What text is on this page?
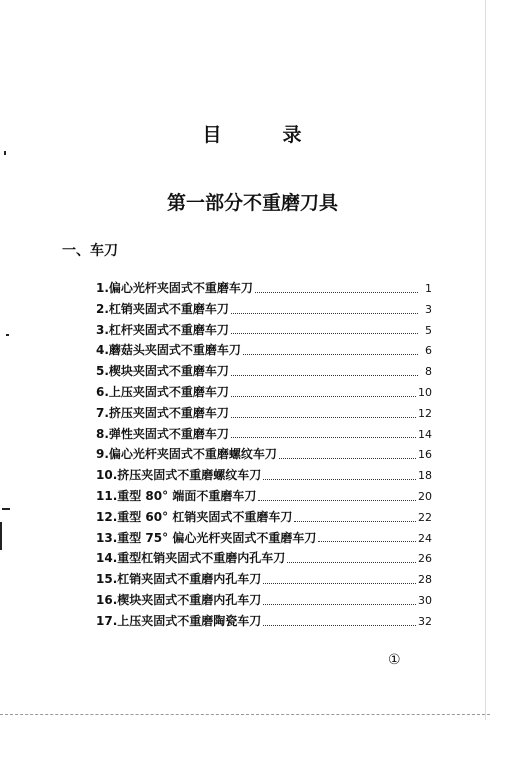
目	录
第一部分不重磨刀具
一、车刀
1.偏心光杆夹固式不重磨车刀	1
2.杠销夹固式不重磨车刀	3
3.杠杆夹固式不重磨车刀	5
4.蘑菇头夹固式不重磨车刀	6
5.楔块夹固式不重磨车刀	8
6.上压夹固式不重磨车刀	10
7.挤压夹固式不重磨车刀	12
8.弹性夹固式不重磨车刀	14
9.偏心光杆夹固式不重磨螺纹车刀	16
10.挤压夹固式不重磨螺纹车刀	18
11.重型 80° 端面不重磨车刀	20
12.重型 60° 杠销夹固式不重磨车刀	22
13.重型 75° 偏心光杆夹固式不重磨车刀	24
14.重型杠销夹固式不重磨内孔车刀	26
15.杠销夹固式不重磨内孔车刀	28
16.楔块夹固式不重磨内孔车刀	30
17.上压夹固式不重磨陶瓷车刀	32
①
